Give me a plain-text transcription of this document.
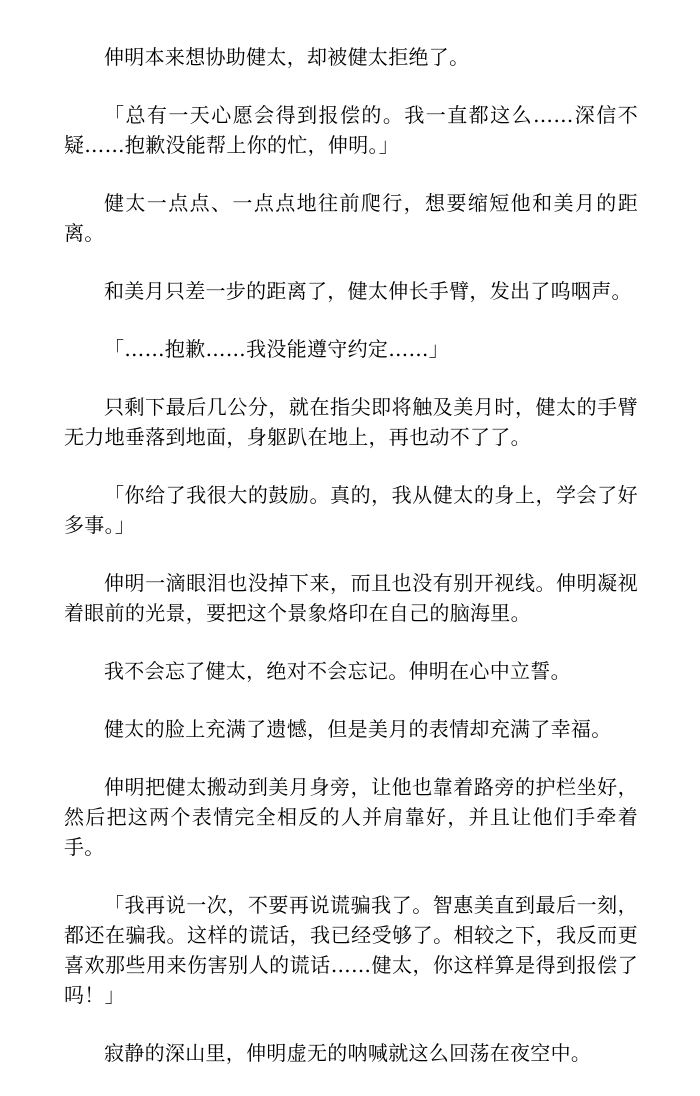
伸明本来想协助健太，却被健太拒绝了。

「总有一天心愿会得到报偿的。我一直都这么……深信不疑……抱歉没能帮上你的忙，伸明。」

健太一点点、一点点地往前爬行，想要缩短他和美月的距离。

和美月只差一步的距离了，健太伸长手臂，发出了呜咽声。

「……抱歉……我没能遵守约定……」

只剩下最后几公分，就在指尖即将触及美月时，健太的手臂无力地垂落到地面，身躯趴在地上，再也动不了了。

「你给了我很大的鼓励。真的，我从健太的身上，学会了好多事。」

伸明一滴眼泪也没掉下来，而且也没有别开视线。伸明凝视着眼前的光景，要把这个景象烙印在自己的脑海里。

我不会忘了健太，绝对不会忘记。伸明在心中立誓。

健太的脸上充满了遗憾，但是美月的表情却充满了幸福。

伸明把健太搬动到美月身旁，让他也靠着路旁的护栏坐好，然后把这两个表情完全相反的人并肩靠好，并且让他们手牵着手。

「我再说一次，不要再说谎骗我了。智惠美直到最后一刻，都还在骗我。这样的谎话，我已经受够了。相较之下，我反而更喜欢那些用来伤害别人的谎话……健太，你这样算是得到报偿了吗！」

寂静的深山里，伸明虚无的呐喊就这么回荡在夜空中。
